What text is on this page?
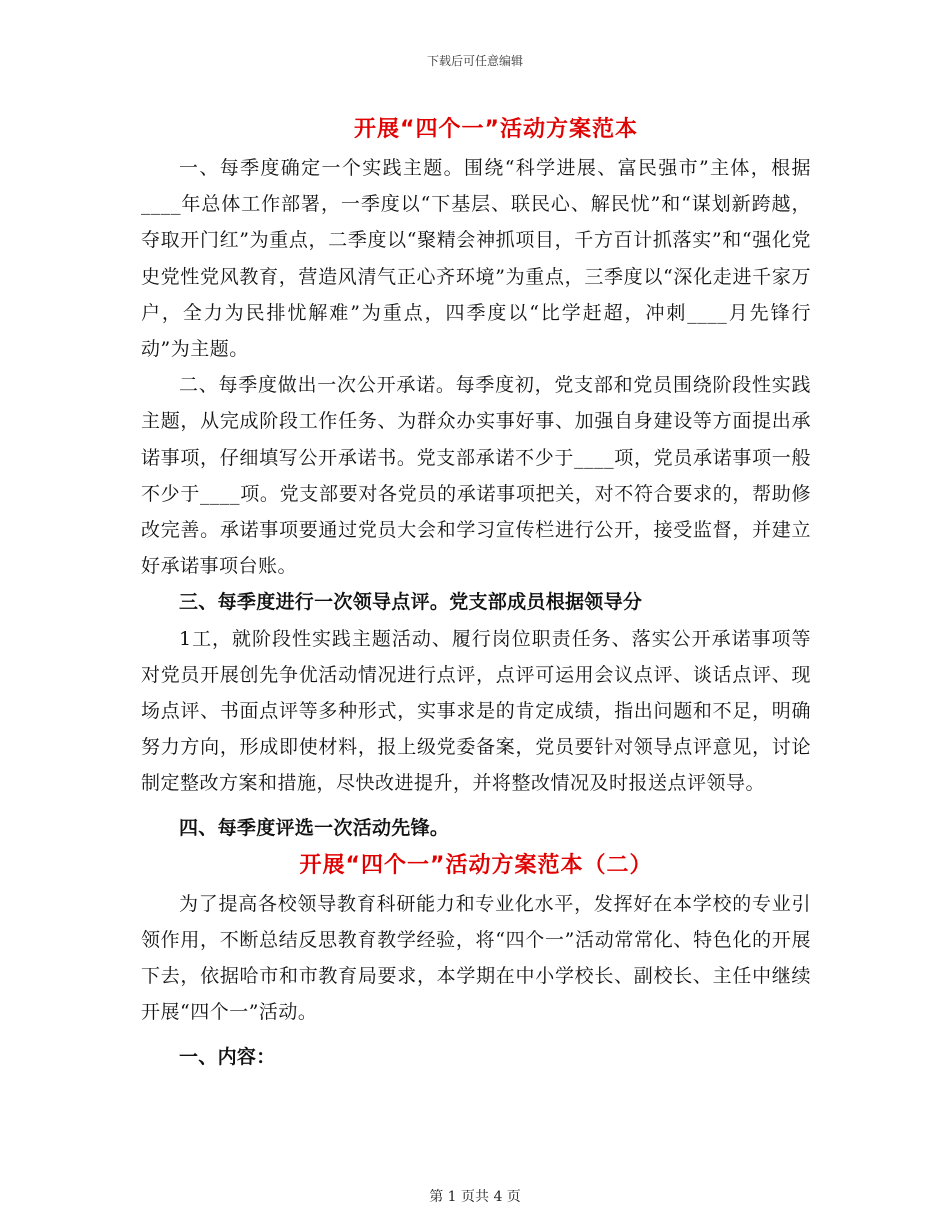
下载后可任意编辑
开展“四个一”活动方案范本

一、每季度确定一个实践主题。围绕“科学进展、富民强市”主体，根据____年总体工作部署，一季度以“下基层、联民心、解民忧”和“谋划新跨越，夺取开门红”为重点，二季度以“聚精会神抓项目，千方百计抓落实”和“强化党史党性党风教育，营造风清气正心齐环境”为重点，三季度以“深化走进千家万户，全力为民排忧解难”为重点，四季度以“比学赶超，冲刺____月先锋行动”为主题。

二、每季度做出一次公开承诺。每季度初，党支部和党员围绕阶段性实践主题，从完成阶段工作任务、为群众办实事好事、加强自身建设等方面提出承诺事项，仔细填写公开承诺书。党支部承诺不少于____项，党员承诺事项一般不少于____项。党支部要对各党员的承诺事项把关，对不符合要求的，帮助修改完善。承诺事项要通过党员大会和学习宣传栏进行公开，接受监督，并建立好承诺事项台账。

三、每季度进行一次领导点评。党支部成员根据领导分

1工，就阶段性实践主题活动、履行岗位职责任务、落实公开承诺事项等对党员开展创先争优活动情况进行点评，点评可运用会议点评、谈话点评、现场点评、书面点评等多种形式，实事求是的肯定成绩，指出问题和不足，明确努力方向，形成即使材料，报上级党委备案，党员要针对领导点评意见，讨论制定整改方案和措施，尽快改进提升，并将整改情况及时报送点评领导。

四、每季度评选一次活动先锋。

开展“四个一”活动方案范本（二）

为了提高各校领导教育科研能力和专业化水平，发挥好在本学校的专业引领作用，不断总结反思教育教学经验，将“四个一”活动常常化、特色化的开展下去，依据哈市和市教育局要求，本学期在中小学校长、副校长、主任中继续开展“四个一”活动。

一、内容：

第 1 页共 4 页
